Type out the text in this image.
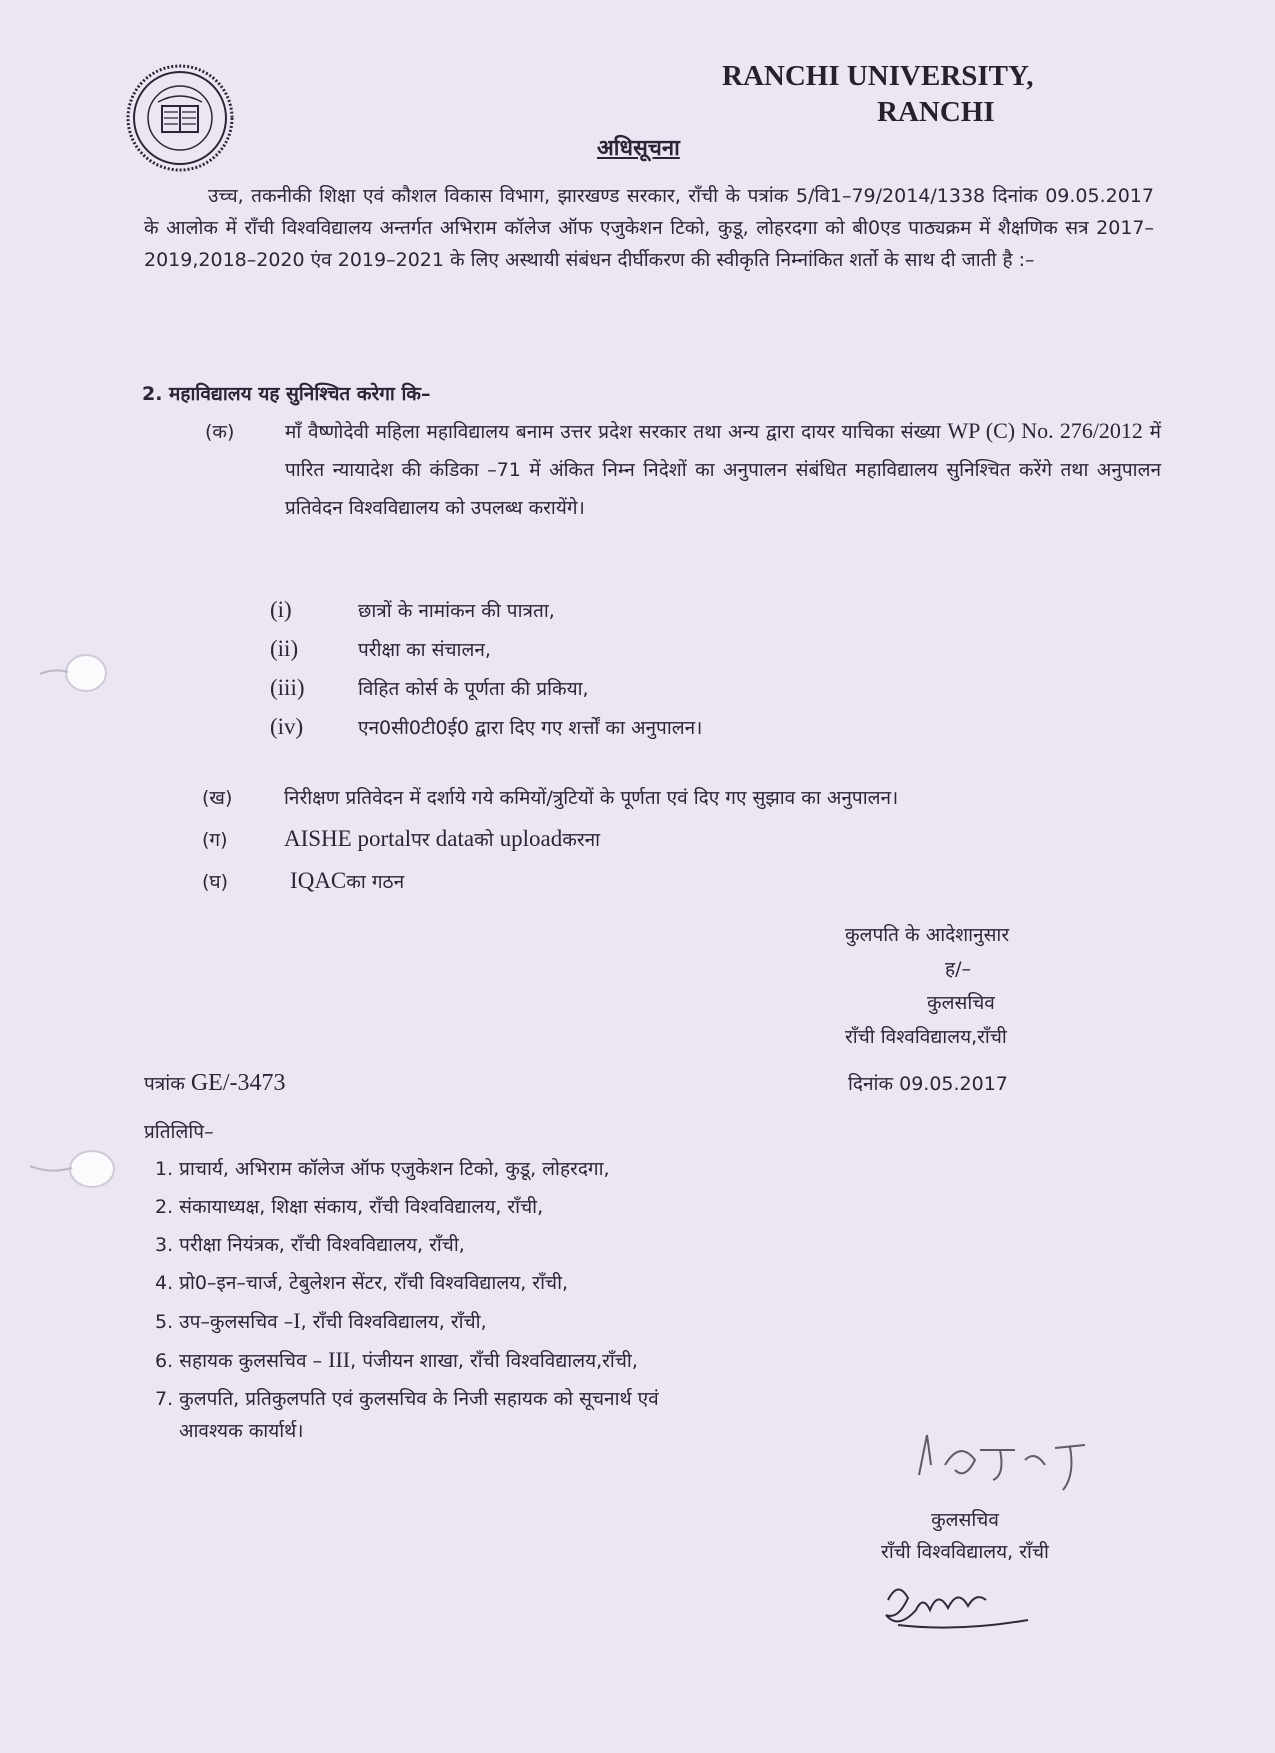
RANCHI UNIVERSITY,
RANCHI
अधिसूचना
उच्च, तकनीकी शिक्षा एवं कौशल विकास विभाग, झारखण्ड सरकार, राँची के पत्रांक 5/वि1–79/2014/1338 दिनांक 09.05.2017 के आलोक में राँची विश्वविद्यालय अन्तर्गत अभिराम कॉलेज ऑफ एजुकेशन टिको, कुडू, लोहरदगा को बी0एड पाठ्यक्रम में शैक्षणिक सत्र 2017–2019,2018–2020 एंव 2019–2021 के लिए अस्थायी संबंधन दीर्घीकरण की स्वीकृति निम्नांकित शर्तो के साथ दी जाती है :–
2. महाविद्यालय यह सुनिश्चित करेगा कि–
(क)	माँ वैष्णोदेवी महिला महाविद्यालय बनाम उत्तर प्रदेश सरकार तथा अन्य द्वारा दायर याचिका संख्या WP (C) No. 276/2012 में पारित न्यायादेश की कंडिका –71 में अंकित निम्न निदेशों का अनुपालन संबंधित महाविद्यालय सुनिश्चित करेंगे तथा अनुपालन प्रतिवेदन विश्वविद्यालय को उपलब्ध करायेंगे।
(i)	छात्रों के नामांकन की पात्रता,
(ii)	परीक्षा का संचालन,
(iii)	विहित कोर्स के पूर्णता की प्रकिया,
(iv)	एन0सी0टी0ई0 द्वारा दिए गए शर्त्तों का अनुपालन।
(ख)	निरीक्षण प्रतिवेदन में दर्शाये गये कमियों/त्रुटियों के पूर्णता एवं दिए गए सुझाव का अनुपालन।
(ग)	AISHE portal पर
data को
upload करना
(घ)
	IQAC का गठन
कुलपति के आदेशानुसार
ह/–
कुलसचिव
राँची विश्वविद्यालय,राँची
पत्रांक GE/-3473	दिनांक 09.05.2017
प्रतिलिपि–
1. प्राचार्य, अभिराम कॉलेज ऑफ एजुकेशन टिको, कुडू, लोहरदगा,
2. संकायाध्यक्ष, शिक्षा संकाय, राँची विश्वविद्यालय, राँची,
3. परीक्षा नियंत्रक, राँची विश्वविद्यालय, राँची,
4. प्रो0–इन–चार्ज, टेबुलेशन सेंटर, राँची विश्वविद्यालय, राँची,
5. उप–कुलसचिव –I, राँची विश्वविद्यालय, राँची,
6. सहायक कुलसचिव – III, पंजीयन शाखा, राँची विश्वविद्यालय,राँची,
7. कुलपति, प्रतिकुलपति एवं कुलसचिव के निजी सहायक को सूचनार्थ एवं
आवश्यक कार्यार्थ।
कुलसचिव
राँची विश्वविद्यालय, राँची
